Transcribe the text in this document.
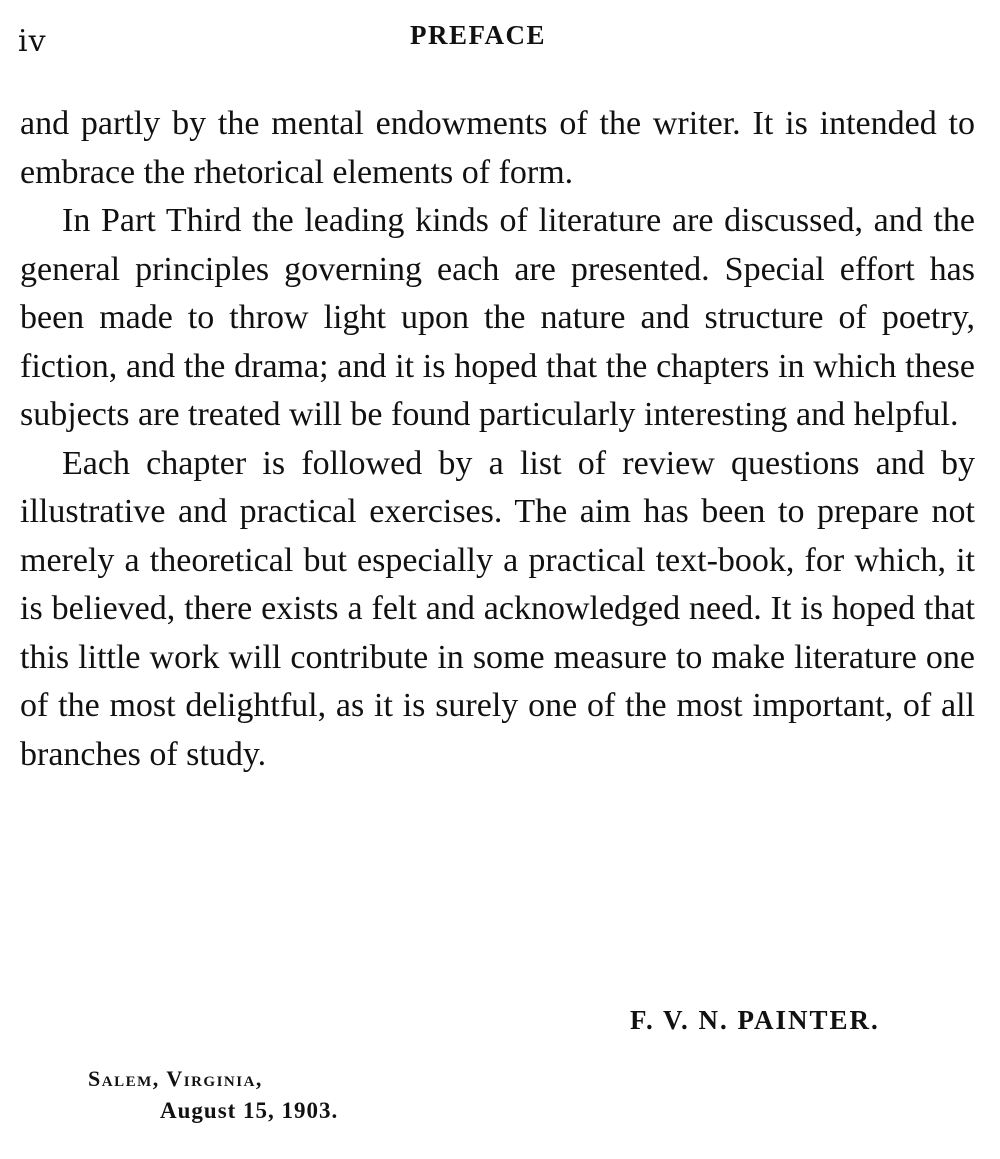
iv	PREFACE

and partly by the mental endowments of the writer. It is intended to embrace the rhetorical elements of form.

In Part Third the leading kinds of literature are discussed, and the general principles governing each are presented. Special effort has been made to throw light upon the nature and structure of poetry, fiction, and the drama; and it is hoped that the chapters in which these subjects are treated will be found particularly interesting and helpful.

Each chapter is followed by a list of review questions and by illustrative and practical exercises. The aim has been to prepare not merely a theoretical but especially a practical text-book, for which, it is believed, there exists a felt and acknowledged need. It is hoped that this little work will contribute in some measure to make literature one of the most delightful, as it is surely one of the most important, of all branches of study.

F. V. N. PAINTER.
Salem, Virginia,
August 15, 1903.
